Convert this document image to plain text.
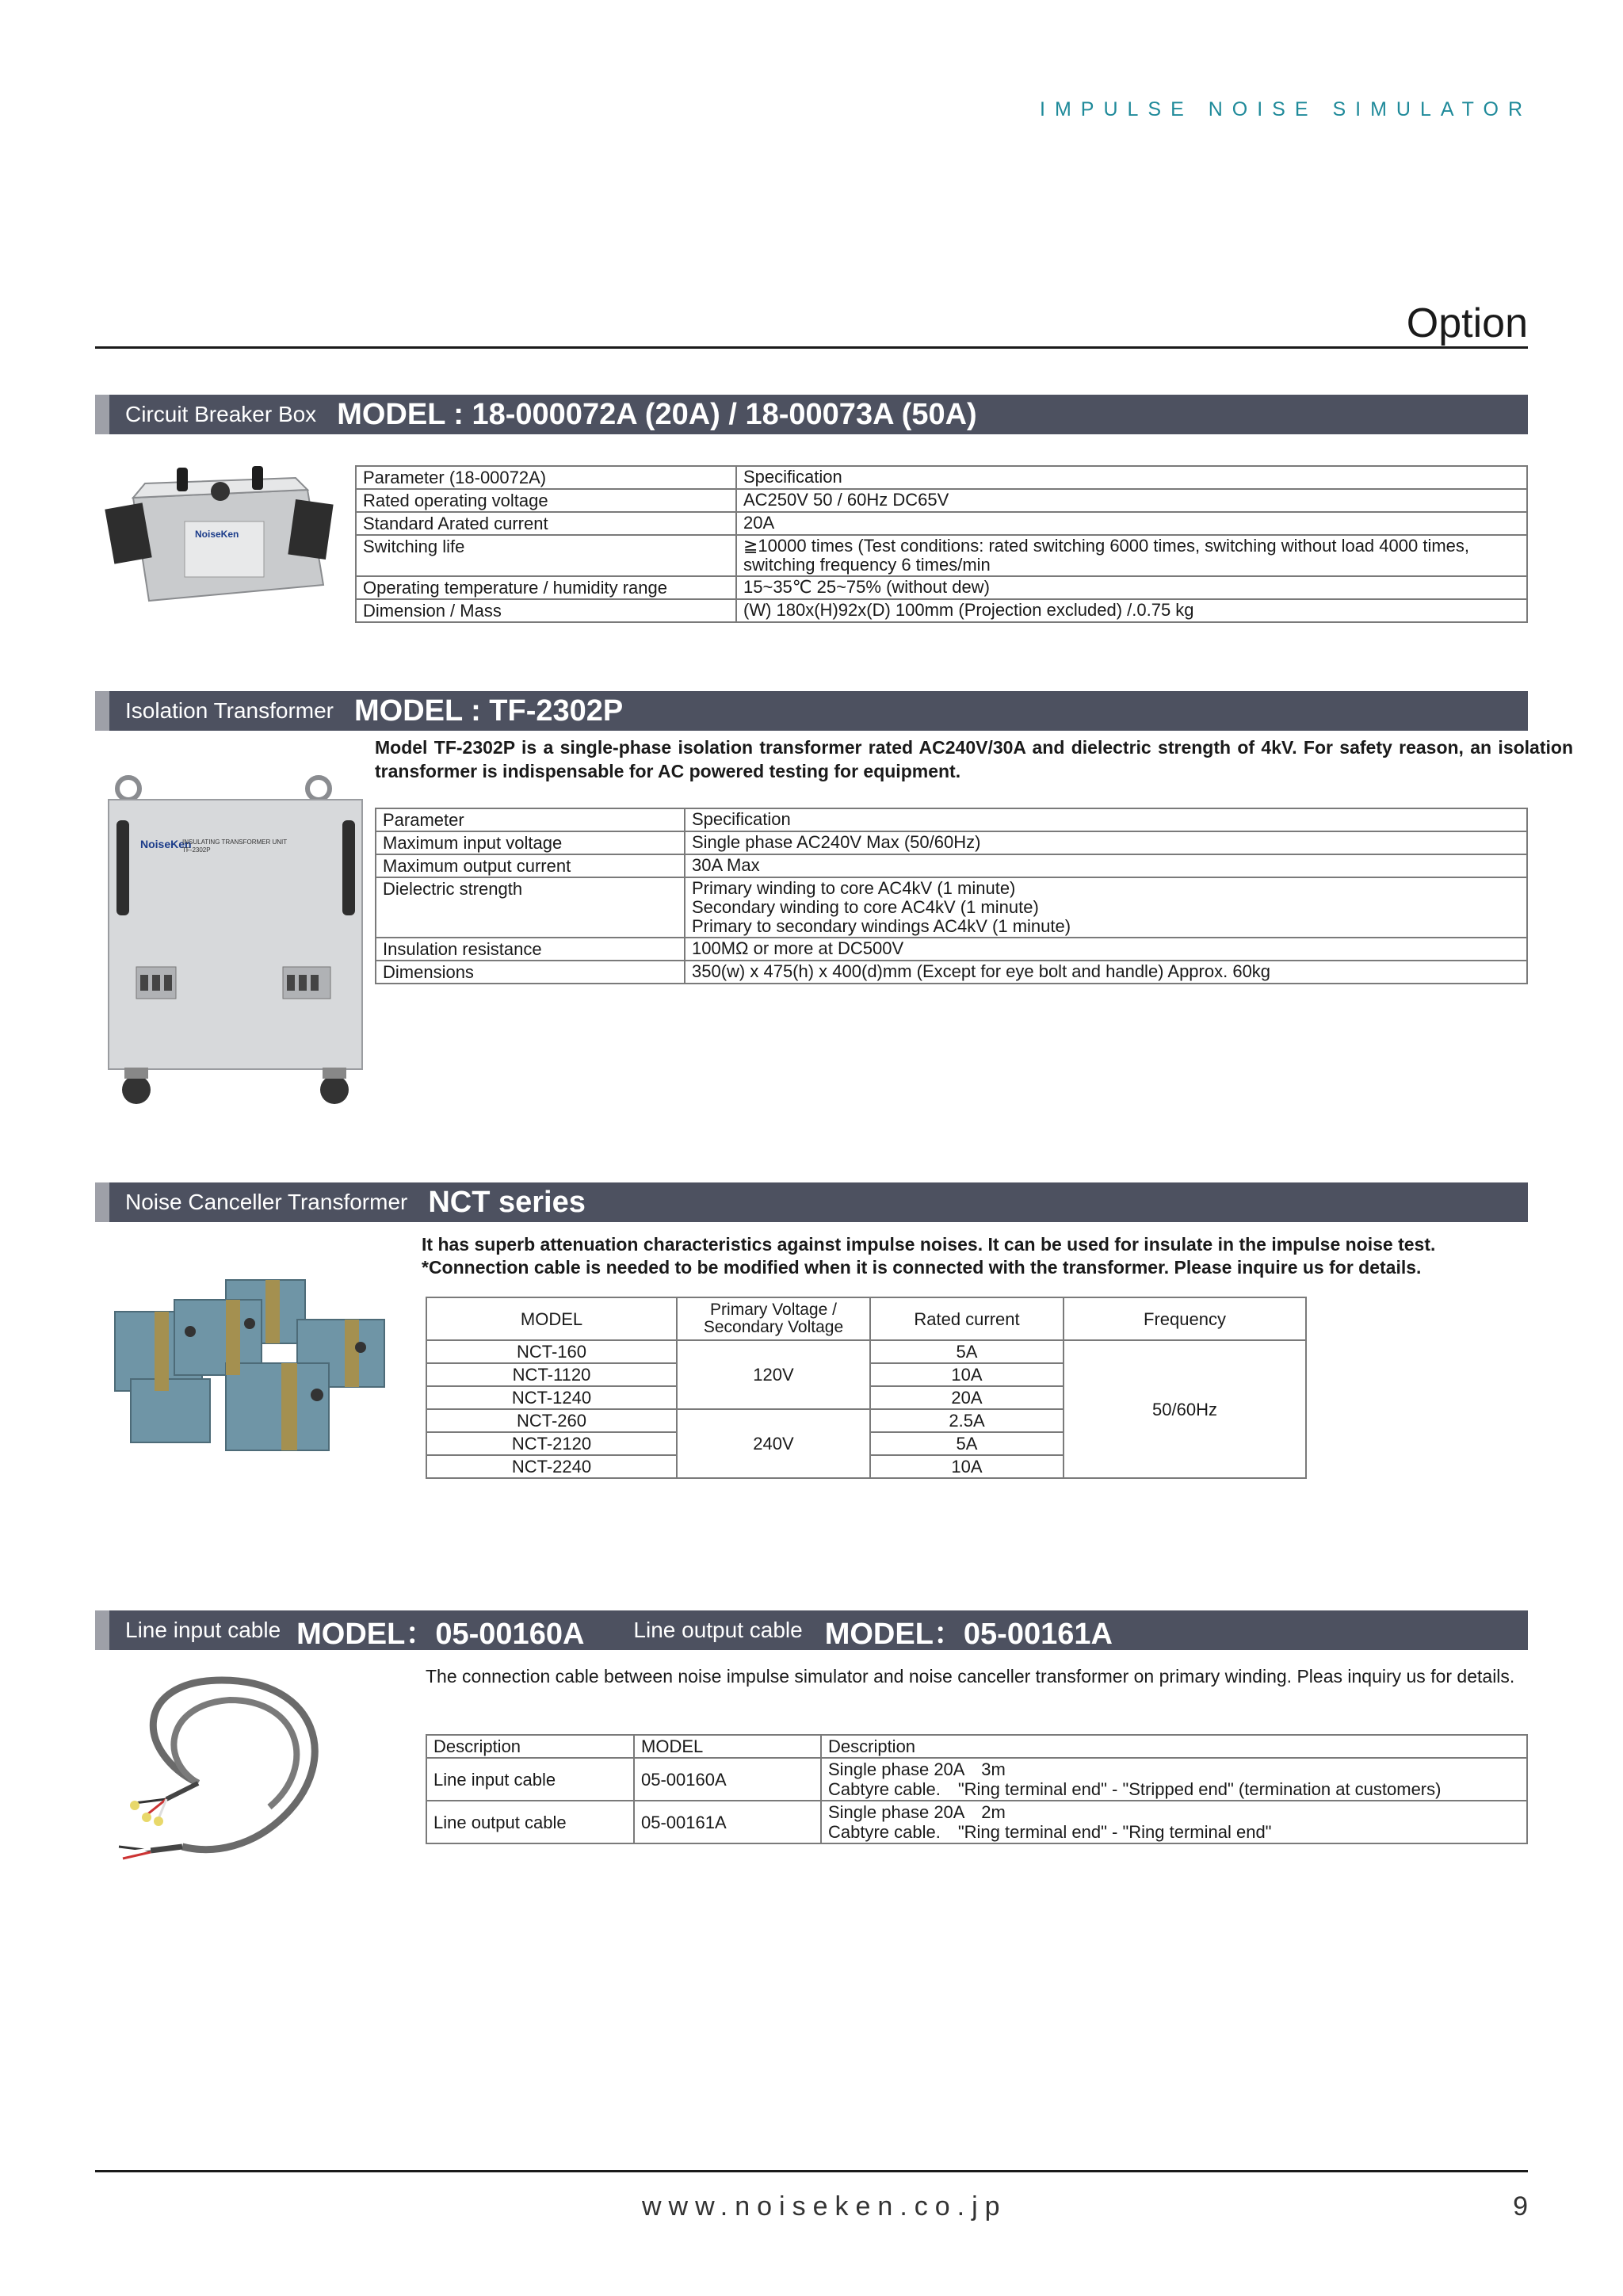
IMPULSE NOISE SIMULATOR
Option
Circuit Breaker Box MODEL : 18-000072A (20A) / 18-00073A (50A)
NoiseKen
Parameter (18-00072A)	Specification
Rated operating voltage	AC250V 50 / 60Hz DC65V
Standard Arated current	20A
Switching life	≧10000 times (Test conditions: rated switching 6000 times, switching without load 4000 times, switching frequency 6 times/min
Operating temperature / humidity range	15~35℃ 25~75% (without dew)
Dimension / Mass	(W) 180x(H)92x(D) 100mm (Projection excluded) /.0.75 kg
Isolation Transformer MODEL : TF-2302P
Model TF-2302P is a single-phase isolation transformer rated AC240V/30A and dielectric strength of 4kV. For safety reason, an isolation transformer is indispensable for AC powered testing for equipment.
NoiseKen
INSULATING TRANSFORMER UNIT
TF-2302P
Parameter	Specification
Maximum input voltage	Single phase AC240V Max (50/60Hz)
Maximum output current	30A Max
Dielectric strength	Primary winding to core AC4kV (1 minute)
Secondary winding to core AC4kV (1 minute)
Primary to secondary windings AC4kV (1 minute)
Insulation resistance	100MΩ or more at DC500V
Dimensions	350(w) x 475(h) x 400(d)mm (Except for eye bolt and handle) Approx. 60kg
Noise Canceller Transformer NCT series
It has superb attenuation characteristics against impulse noises. It can be used for insulate in the impulse noise test.
*Connection cable is needed to be modified when it is connected with the transformer. Please inquire us for details.
MODEL	Primary Voltage / Secondary Voltage	Rated current	Frequency
NCT-160	120V	5A	50/60Hz
NCT-1120		10A	
NCT-1240		20A	
NCT-260	240V	2.5A	
NCT-2120		5A	
NCT-2240		10A	
Line input cable MODEL：05-00160A Line output cable MODEL：05-00161A
The connection cable between noise impulse simulator and noise canceller transformer on primary winding. Pleas inquiry us for details.
Description	MODEL	Description
Line input cable	05-00160A	Single phase 20A　3m
Cabtyre cable.　"Ring terminal end" - "Stripped end" (termination at customers)

Line output cable	05-00161A	Single phase 20A　2m
Cabtyre cable.　"Ring terminal end" - "Ring terminal end"
www.noiseken.co.jp	9
